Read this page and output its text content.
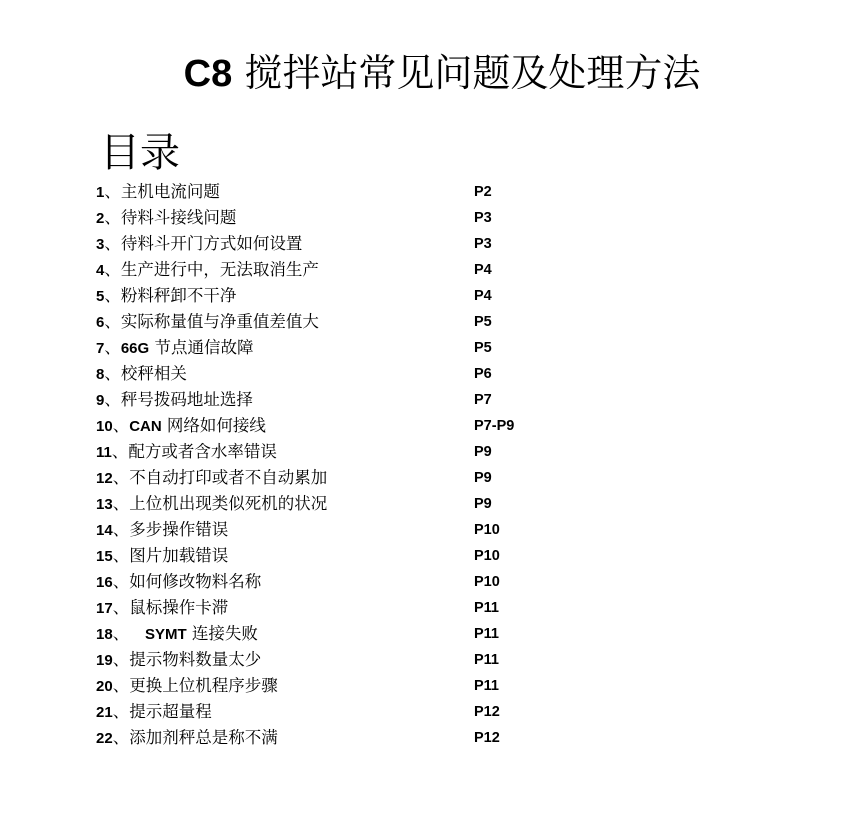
C8 搅拌站常见问题及处理方法
目录
1、主机电流问题	P2
2、待料斗接线问题	P3
3、待料斗开门方式如何设置	P3
4、生产进行中，无法取消生产	P4
5、粉料秤卸不干净	P4
6、实际称量值与净重值差值大	P5
7、66G 节点通信故障	P5
8、校秤相关	P6
9、秤号拨码地址选择	P7
10、CAN 网络如何接线	P7-P9
11、配方或者含水率错误	P9
12、不自动打印或者不自动累加	P9
13、上位机出现类似死机的状况	P9
14、多步操作错误	P10
15、图片加载错误	P10
16、如何修改物料名称	P10
17、鼠标操作卡滞	P11
18、 SYMT 连接失败	P11
19、提示物料数量太少	P11
20、更换上位机程序步骤	P11
21、提示超量程	P12
22、添加剂秤总是称不满	P12
